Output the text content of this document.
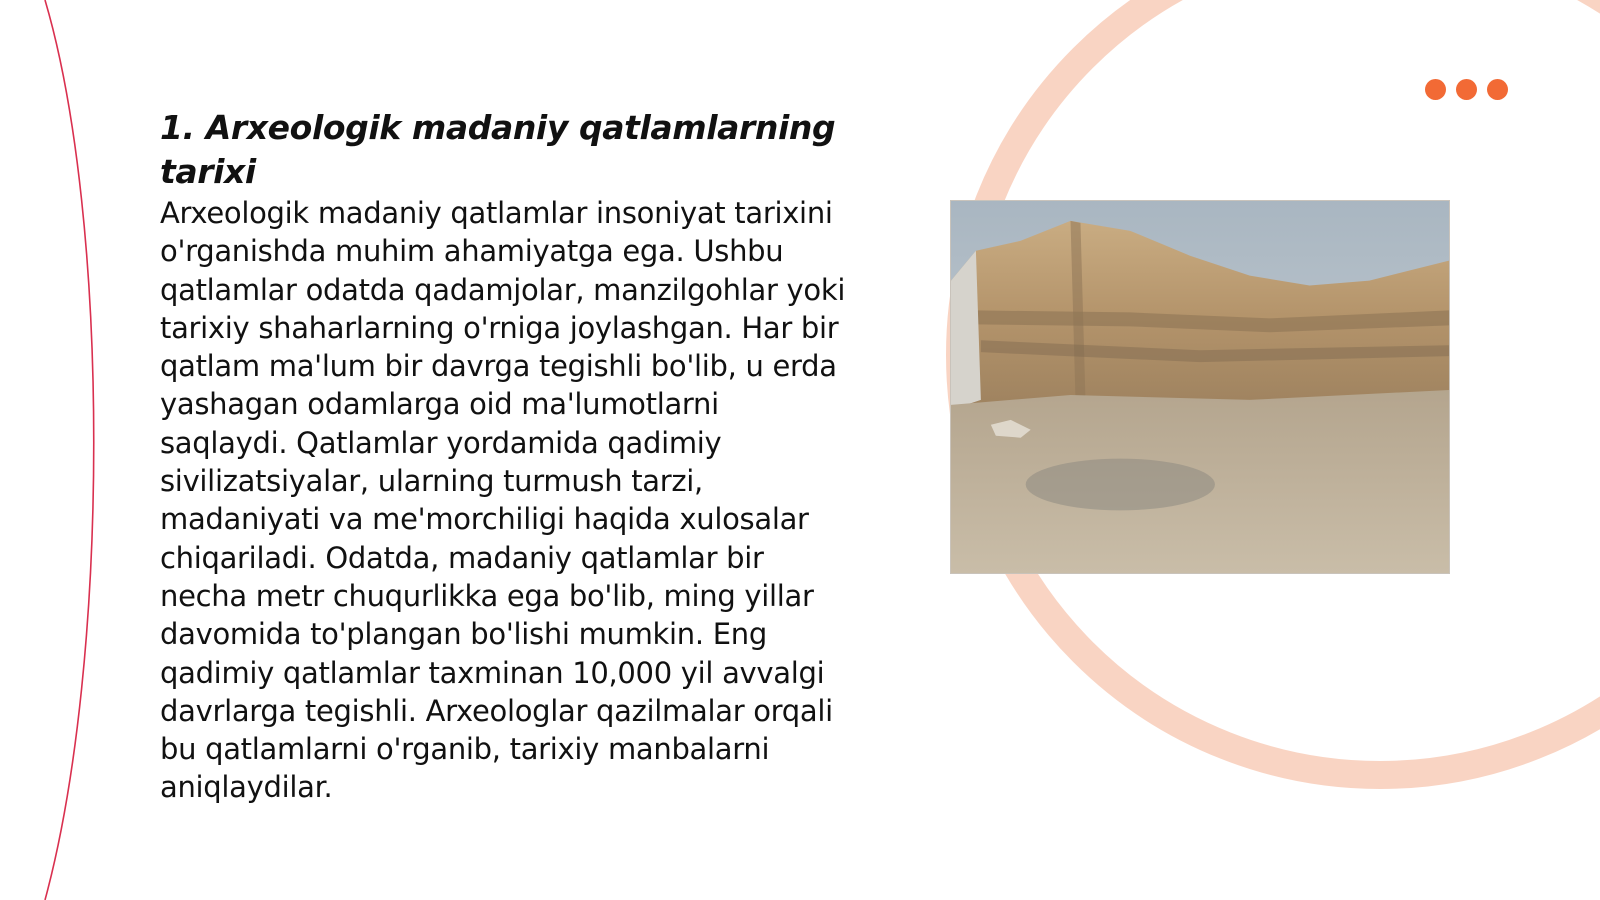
1. Arxeologik madaniy qatlamlarning tarixi

Arxeologik madaniy qatlamlar insoniyat tarixini o'rganishda muhim ahamiyatga ega. Ushbu qatlamlar odatda qadamjolar, manzilgohlar yoki tarixiy shaharlarning o'rniga joylashgan. Har bir qatlam ma'lum bir davrga tegishli bo'lib, u erda yashagan odamlarga oid ma'lumotlarni saqlaydi. Qatlamlar yordamida qadimiy sivilizatsiyalar, ularning turmush tarzi, madaniyati va me'morchiligi haqida xulosalar chiqariladi. Odatda, madaniy qatlamlar bir necha metr chuqurlikka ega bo'lib, ming yillar davomida to'plangan bo'lishi mumkin. Eng qadimiy qatlamlar taxminan 10,000 yil avvalgi davrlarga tegishli. Arxeologlar qazilmalar orqali bu qatlamlarni o'rganib, tarixiy manbalarni aniqlaydilar.
